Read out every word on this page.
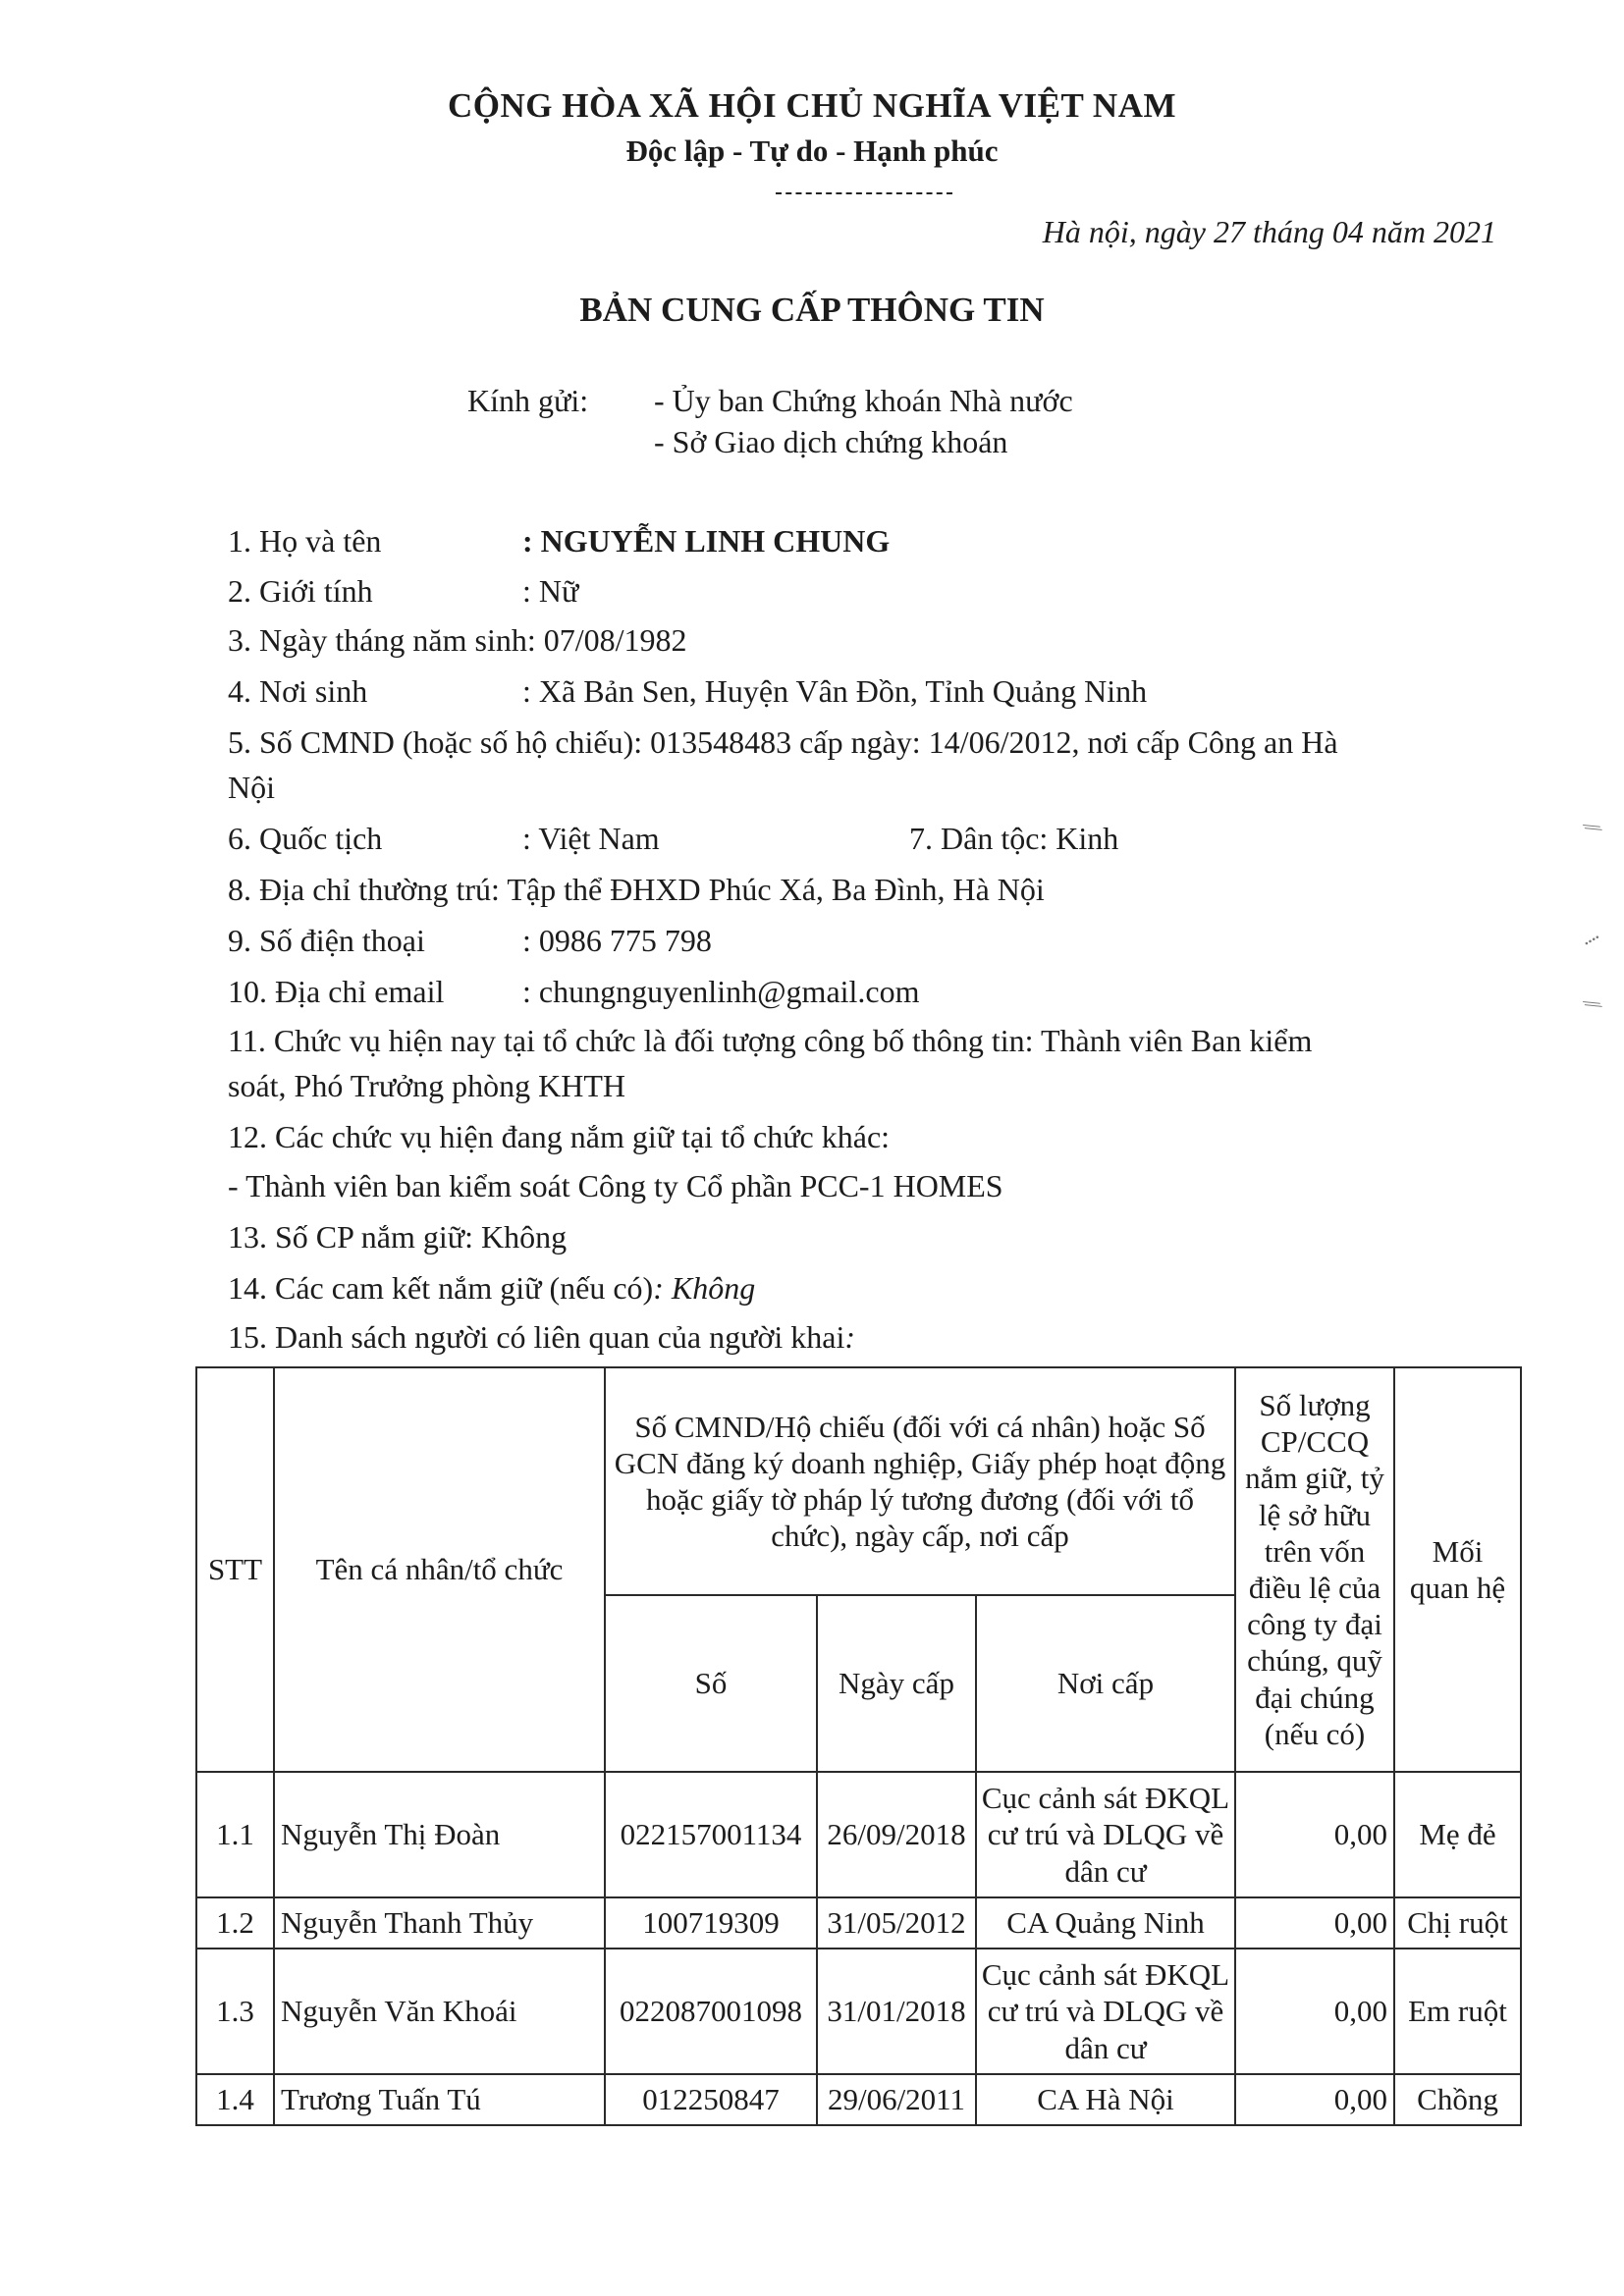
CỘNG HÒA XÃ HỘI CHỦ NGHĨA VIỆT NAM
Độc lập - Tự do - Hạnh phúc
Hà nội, ngày 27 tháng 04 năm 2021
BẢN CUNG CẤP THÔNG TIN
Kính gửi: - Ủy ban Chứng khoán Nhà nước
- Sở Giao dịch chứng khoán
1. Họ và tên	: NGUYỄN LINH CHUNG
2. Giới tính	: Nữ
3. Ngày tháng năm sinh: 07/08/1982
4. Nơi sinh	: Xã Bản Sen, Huyện Vân Đồn, Tỉnh Quảng Ninh
5. Số CMND (hoặc số hộ chiếu): 013548483 cấp ngày: 14/06/2012, nơi cấp Công an Hà
Nội
6. Quốc tịch	: Việt Nam	7. Dân tộc: Kinh
8. Địa chỉ thường trú: Tập thể ĐHXD Phúc Xá, Ba Đình, Hà Nội
9. Số điện thoại	: 0986 775 798
10. Địa chỉ email : chungnguyenlinh@gmail.com
11. Chức vụ hiện nay tại tổ chức là đối tượng công bố thông tin: Thành viên Ban kiểm
soát, Phó Trưởng phòng KHTH
12. Các chức vụ hiện đang nắm giữ tại tổ chức khác:
- Thành viên ban kiểm soát Công ty Cổ phần PCC-1 HOMES
13. Số CP nắm giữ: Không
14. Các cam kết nắm giữ (nếu có): Không
15. Danh sách người có liên quan của người khai:
STT	Tên cá nhân/tổ chức	Số CMND/Hộ chiếu (đối với cá nhân) hoặc Số GCN đăng ký doanh nghiệp, Giấy phép hoạt động hoặc giấy tờ pháp lý tương đương (đối với tổ chức), ngày cấp, nơi cấp			Số lượng CP/CCQ nắm giữ, tỷ lệ sở hữu trên vốn điều lệ của công ty đại chúng, quỹ đại chúng (nếu có)	Mối quan hệ
		Số	Ngày cấp	Nơi cấp		
1.1	Nguyễn Thị Đoàn	022157001134	26/09/2018	Cục cảnh sát ĐKQL cư trú và DLQG về dân cư	0,00	Mẹ đẻ
1.2	Nguyễn Thanh Thủy	100719309	31/05/2012	CA Quảng Ninh	0,00	Chị ruột
1.3	Nguyễn Văn Khoái	022087001098	31/01/2018	Cục cảnh sát ĐKQL cư trú và DLQG về dân cư	0,00	Em ruột
1.4	Trương Tuấn Tú	012250847	29/06/2011	CA Hà Nội	0,00	Chồng
⁄⁄
⁞
⁄⁄
